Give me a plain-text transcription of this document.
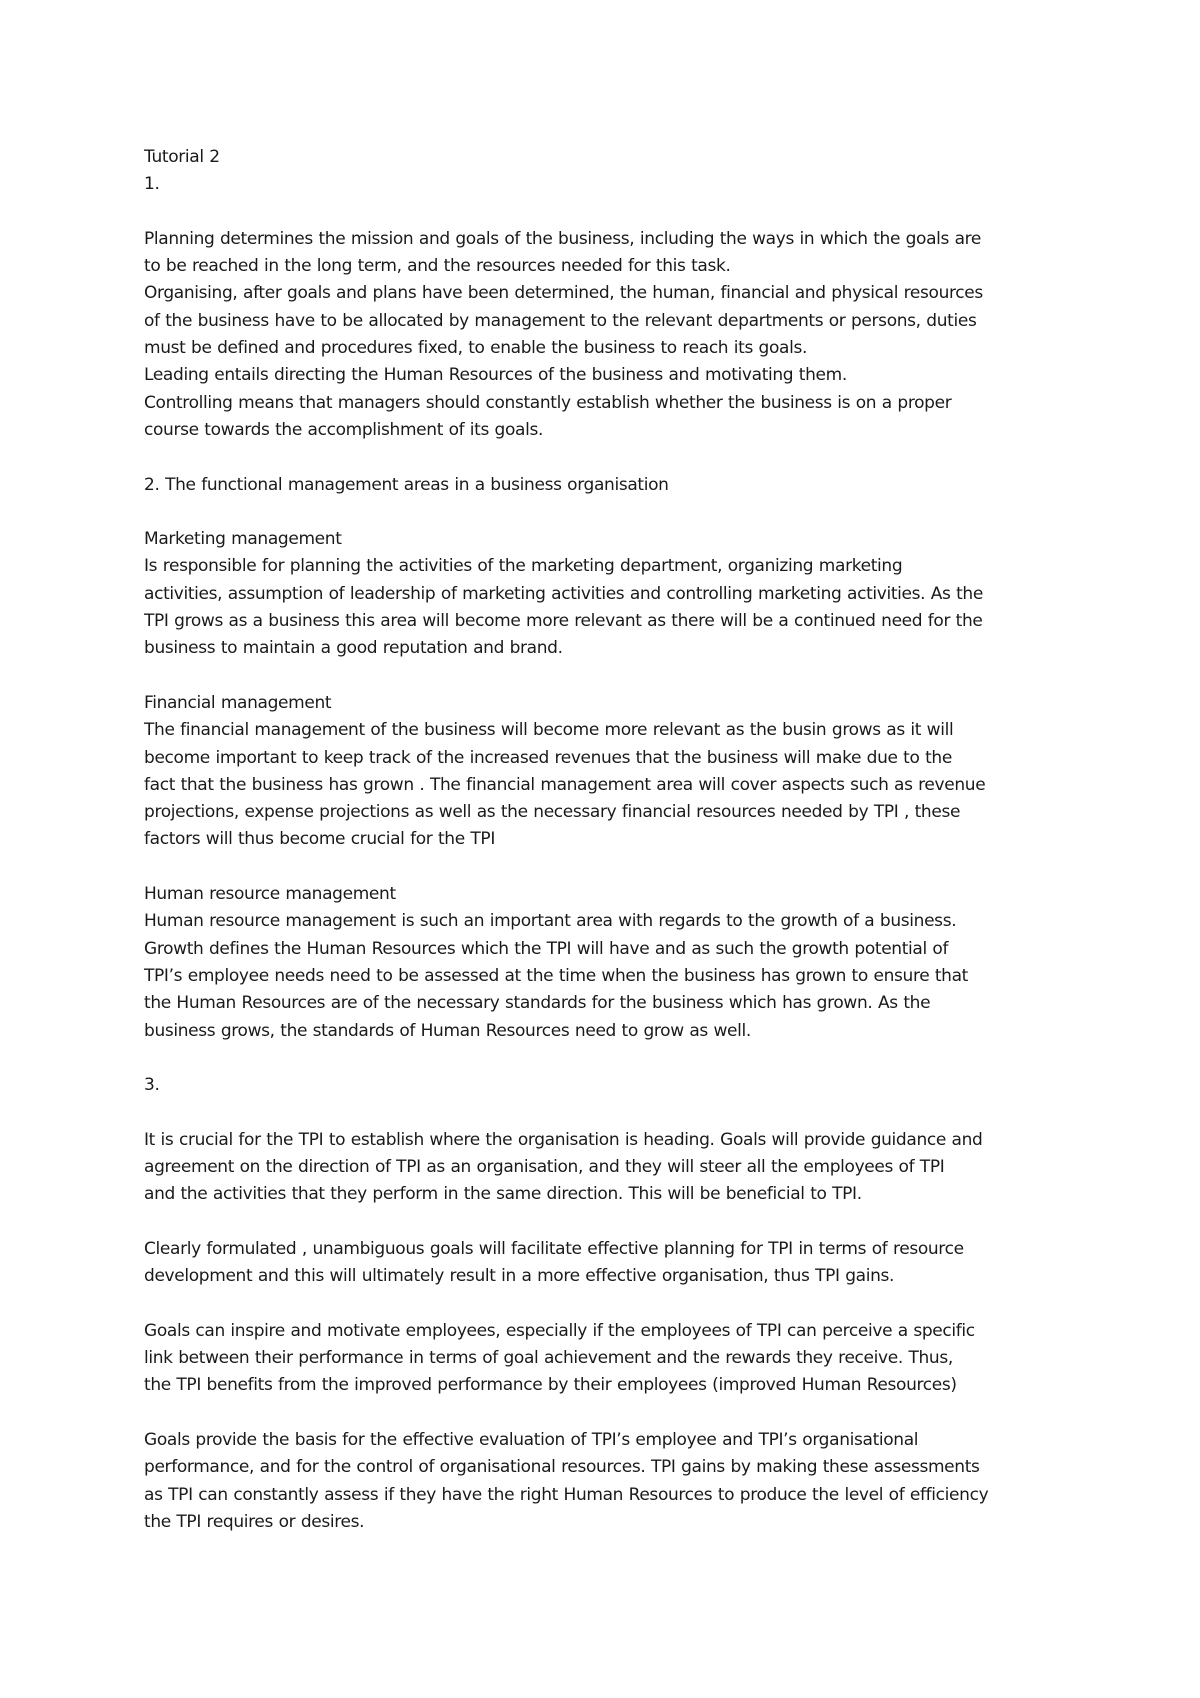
Tutorial 2
1.
Planning determines the mission and goals of the business, including the ways in which the goals are
to be reached in the long term, and the resources needed for this task.
Organising, after goals and plans have been determined, the human, financial and physical resources
of the business have to be allocated by management to the relevant departments or persons, duties
must be defined and procedures fixed, to enable the business to reach its goals.
Leading entails directing the Human Resources of the business and motivating them.
Controlling means that managers should constantly establish whether the business is on a proper
course towards the accomplishment of its goals.
2. The functional management areas in a business organisation
Marketing management
Is responsible for planning the activities of the marketing department, organizing marketing
activities, assumption of leadership of marketing activities and controlling marketing activities. As the
TPI grows as a business this area will become more relevant as there will be a continued need for the
business to maintain a good reputation and brand.
Financial management
The financial management of the business will become more relevant as the busin grows as it will
become important to keep track of the increased revenues that the business will make due to the
fact that the business has grown . The financial management area will cover aspects such as revenue
projections, expense projections as well as the necessary financial resources needed by TPI , these
factors will thus become crucial for the TPI
Human resource management
Human resource management is such an important area with regards to the growth of a business.
Growth defines the Human Resources which the TPI will have and as such the growth potential of
TPI’s employee needs need to be assessed at the time when the business has grown to ensure that
the Human Resources are of the necessary standards for the business which has grown. As the
business grows, the standards of Human Resources need to grow as well.
3.
It is crucial for the TPI to establish where the organisation is heading. Goals will provide guidance and
agreement on the direction of TPI as an organisation, and they will steer all the employees of TPI
and the activities that they perform in the same direction. This will be beneficial to TPI.
Clearly formulated , unambiguous goals will facilitate effective planning for TPI in terms of resource
development and this will ultimately result in a more effective organisation, thus TPI gains.
Goals can inspire and motivate employees, especially if the employees of TPI can perceive a specific
link between their performance in terms of goal achievement and the rewards they receive. Thus,
the TPI benefits from the improved performance by their employees (improved Human Resources)
Goals provide the basis for the effective evaluation of TPI’s employee and TPI’s organisational
performance, and for the control of organisational resources. TPI gains by making these assessments
as TPI can constantly assess if they have the right Human Resources to produce the level of efficiency
the TPI requires or desires.
